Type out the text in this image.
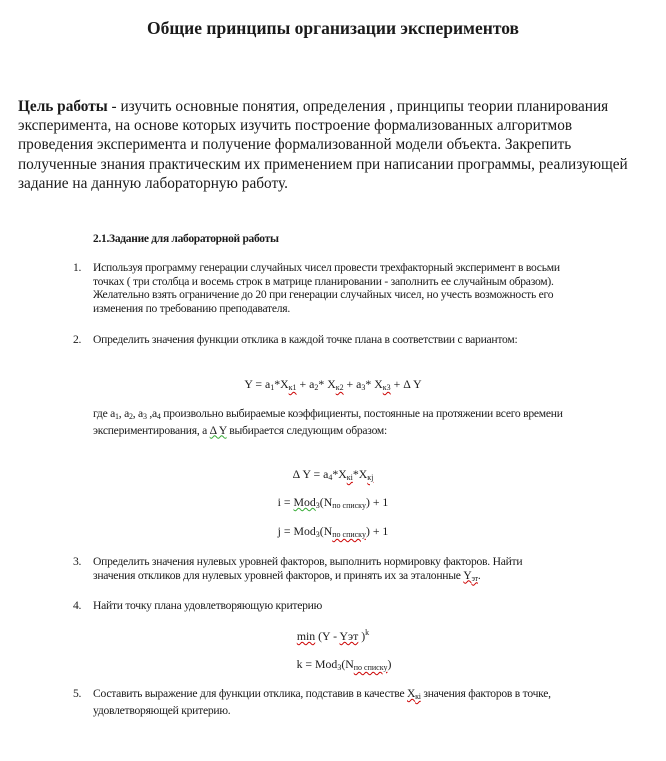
Общие принципы организации экспериментов
Цель работы - изучить основные понятия, определения , принципы теории планирования эксперимента, на основе которых изучить построение формализованных алгоритмов проведения эксперимента и получение формализованной модели объекта. Закрепить полученные знания практическим их применением при написании программы, реализующей задание на данную лабораторную работу.
2.1.Задание для лабораторной работы
1. Используя программу генерации случайных чисел провести трехфакторный эксперимент в восьми точках ( три столбца и восемь строк в матрице планировании - заполнить ее случайным образом). Желательно взять ограничение до 20 при генерации случайных чисел, но учесть возможность его изменения по требованию преподавателя.
2. Определить значения функции отклика в каждой точке плана в соответствии с вариантом:
$Y = a_1*X_{к1} + a_2*$ $X_{к2} + a_3*$ $X_{к3} + \Delta$ Y
где $a_1$, $a_2$, $a_3$ $,a_4$ произвольно выбираемые коэффициенты, постоянные на протяжении всего времени экспериментирования, а Δ Y выбирается следующим образом:
Δ $Y = a_4*X_{кi}*X_{кj}$
$i = Mod_3(N_{по списку}) + 1$
$j = Mod_3(N_{по списку}) + 1$
3. Определить значения нулевых уровней факторов, выполнить нормировку факторов. Найти значения откликов для нулевых уровней факторов, и принять их за эталонные $Y_{эт}$.
4. Найти точку плана удовлетворяющую критерию
min (Y - Yэт )$^k$
$k = Mod_3(N_{по списку})$
5. Составить выражение для функции отклика, подставив в качестве $X_{кi}$ значения факторов в точке, удовлетворяющей критерию.
